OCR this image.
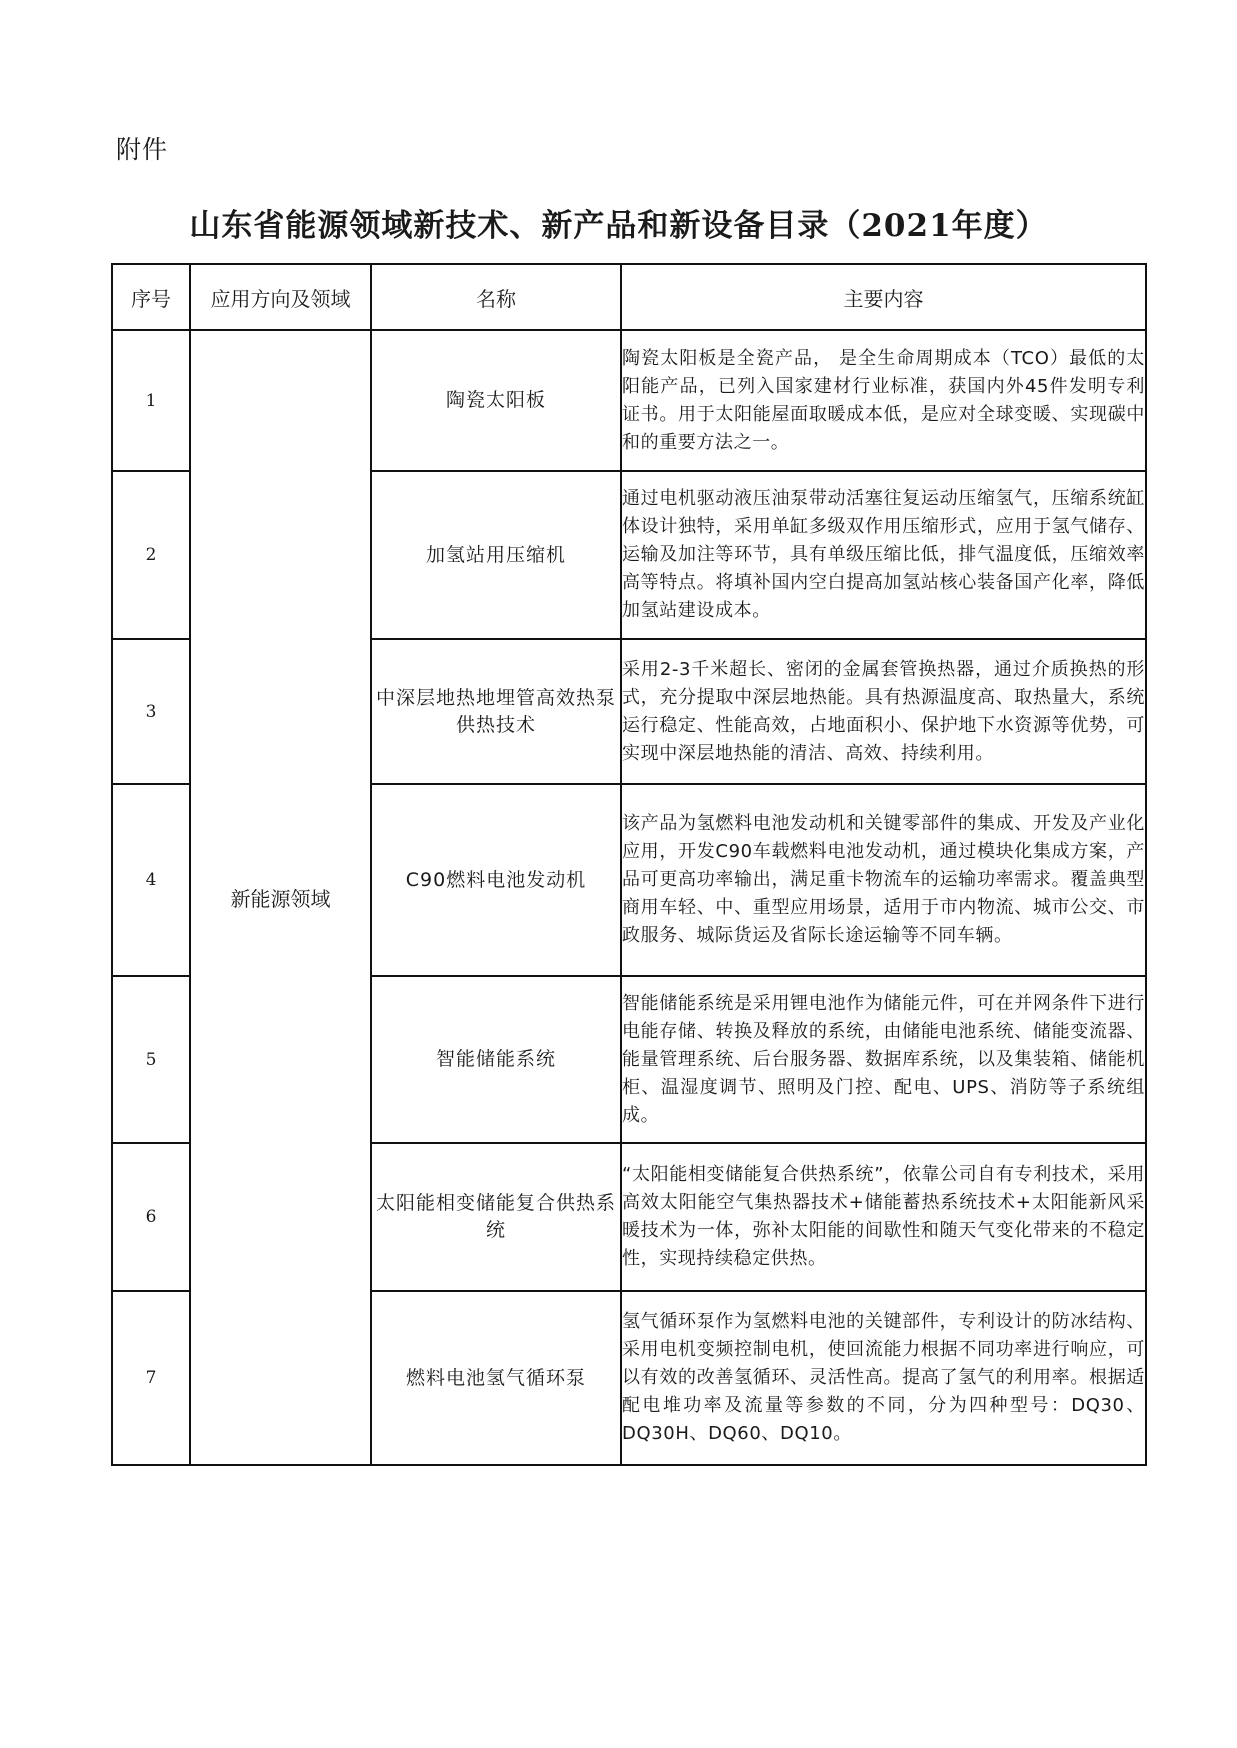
附件
山东省能源领域新技术、新产品和新设备目录（2021年度）
序号	应用方向及领域	名称	主要内容
1	新能源领域	陶瓷太阳板	陶瓷太阳板是全瓷产品， 是全生命周期成本（TCO）最低的太阳能产品，已列入国家建材行业标准，获国内外45件发明专利证书。用于太阳能屋面取暖成本低，是应对全球变暖、实现碳中和的重要方法之一。
2		加氢站用压缩机	通过电机驱动液压油泵带动活塞往复运动压缩氢气，压缩系统缸体设计独特，采用单缸多级双作用压缩形式，应用于氢气储存、运输及加注等环节，具有单级压缩比低，排气温度低，压缩效率高等特点。将填补国内空白提高加氢站核心装备国产化率，降低加氢站建设成本。
3		中深层地热地埋管高效热泵供热技术	采用2-3千米超长、密闭的金属套管换热器，通过介质换热的形式，充分提取中深层地热能。具有热源温度高、取热量大，系统运行稳定、性能高效，占地面积小、保护地下水资源等优势，可实现中深层地热能的清洁、高效、持续利用。
4		C90燃料电池发动机	该产品为氢燃料电池发动机和关键零部件的集成、开发及产业化应用，开发C90车载燃料电池发动机，通过模块化集成方案，产品可更高功率输出，满足重卡物流车的运输功率需求。覆盖典型商用车轻、中、重型应用场景，适用于市内物流、城市公交、市政服务、城际货运及省际长途运输等不同车辆。
5		智能储能系统	智能储能系统是采用锂电池作为储能元件，可在并网条件下进行电能存储、转换及释放的系统，由储能电池系统、储能变流器、能量管理系统、后台服务器、数据库系统，以及集装箱、储能机柜、温湿度调节、照明及门控、配电、UPS、消防等子系统组成。
6		太阳能相变储能复合供热系统	“太阳能相变储能复合供热系统”，依靠公司自有专利技术，采用高效太阳能空气集热器技术+储能蓄热系统技术+太阳能新风采暖技术为一体，弥补太阳能的间歇性和随天气变化带来的不稳定性，实现持续稳定供热。
7		燃料电池氢气循环泵	氢气循环泵作为氢燃料电池的关键部件，专利设计的防冰结构、采用电机变频控制电机，使回流能力根据不同功率进行响应，可以有效的改善氢循环、灵活性高。提高了氢气的利用率。根据适配电堆功率及流量等参数的不同，分为四种型号：DQ30、DQ30H、DQ60、DQ10。
